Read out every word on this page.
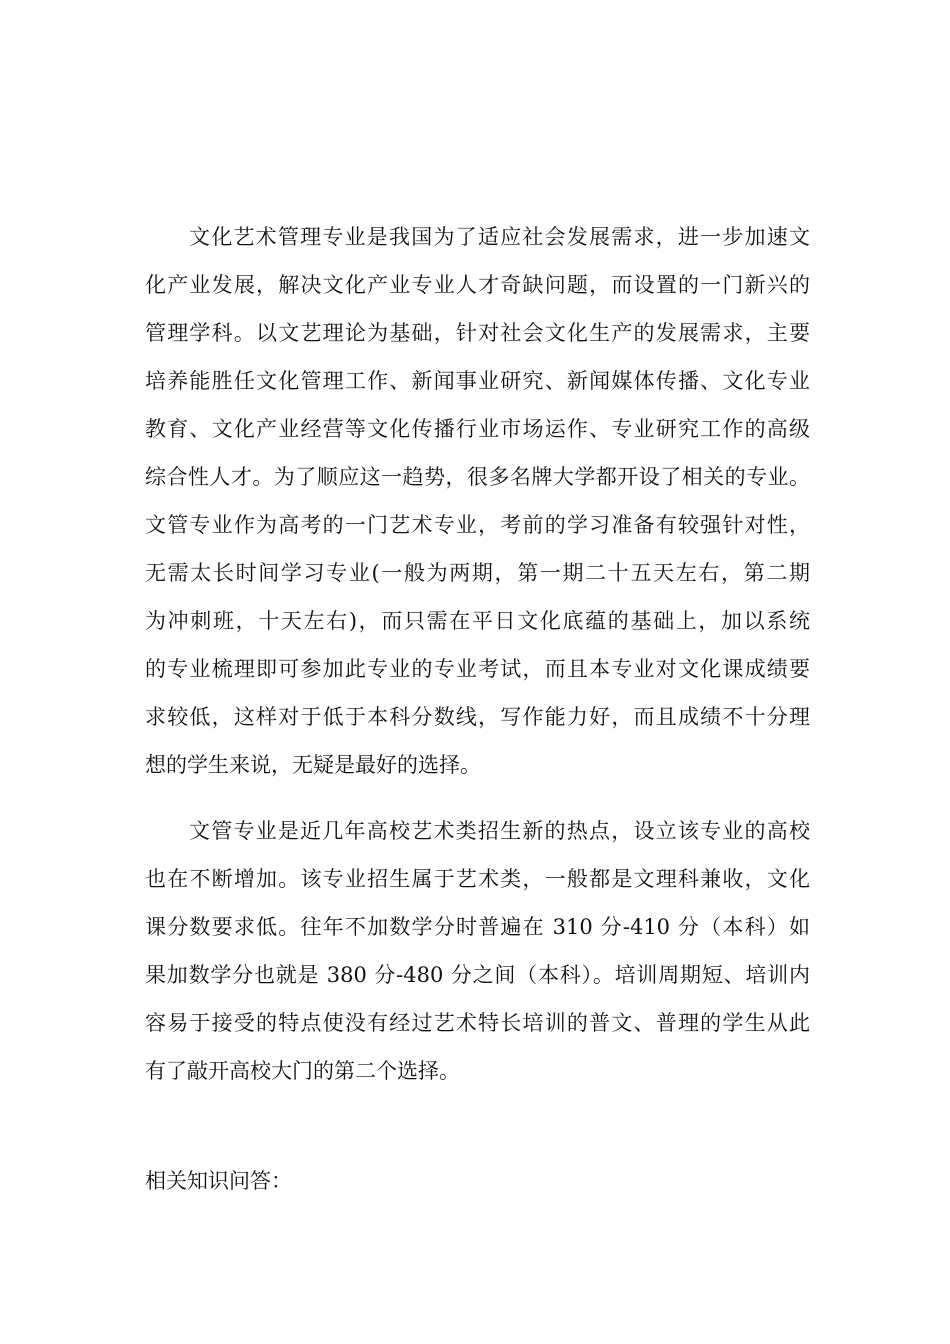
文化艺术管理专业是我国为了适应社会发展需求，进一步加速文
化产业发展，解决文化产业专业人才奇缺问题，而设置的一门新兴的
管理学科。以文艺理论为基础，针对社会文化生产的发展需求，主要
培养能胜任文化管理工作、新闻事业研究、新闻媒体传播、文化专业
教育、文化产业经营等文化传播行业市场运作、专业研究工作的高级
综合性人才。为了顺应这一趋势，很多名牌大学都开设了相关的专业。
文管专业作为高考的一门艺术专业，考前的学习准备有较强针对性，
无需太长时间学习专业(一般为两期，第一期二十五天左右，第二期
为冲刺班，十天左右)，而只需在平日文化底蕴的基础上，加以系统
的专业梳理即可参加此专业的专业考试，而且本专业对文化课成绩要
求较低，这样对于低于本科分数线，写作能力好，而且成绩不十分理
想的学生来说，无疑是最好的选择。
文管专业是近几年高校艺术类招生新的热点，设立该专业的高校
也在不断增加。该专业招生属于艺术类，一般都是文理科兼收，文化
课分数要求低。往年不加数学分时普遍在 310 分-410 分（本科）如
果加数学分也就是 380 分-480 分之间（本科）。培训周期短、培训内
容易于接受的特点使没有经过艺术特长培训的普文、普理的学生从此
有了敲开高校大门的第二个选择。
相关知识问答：
